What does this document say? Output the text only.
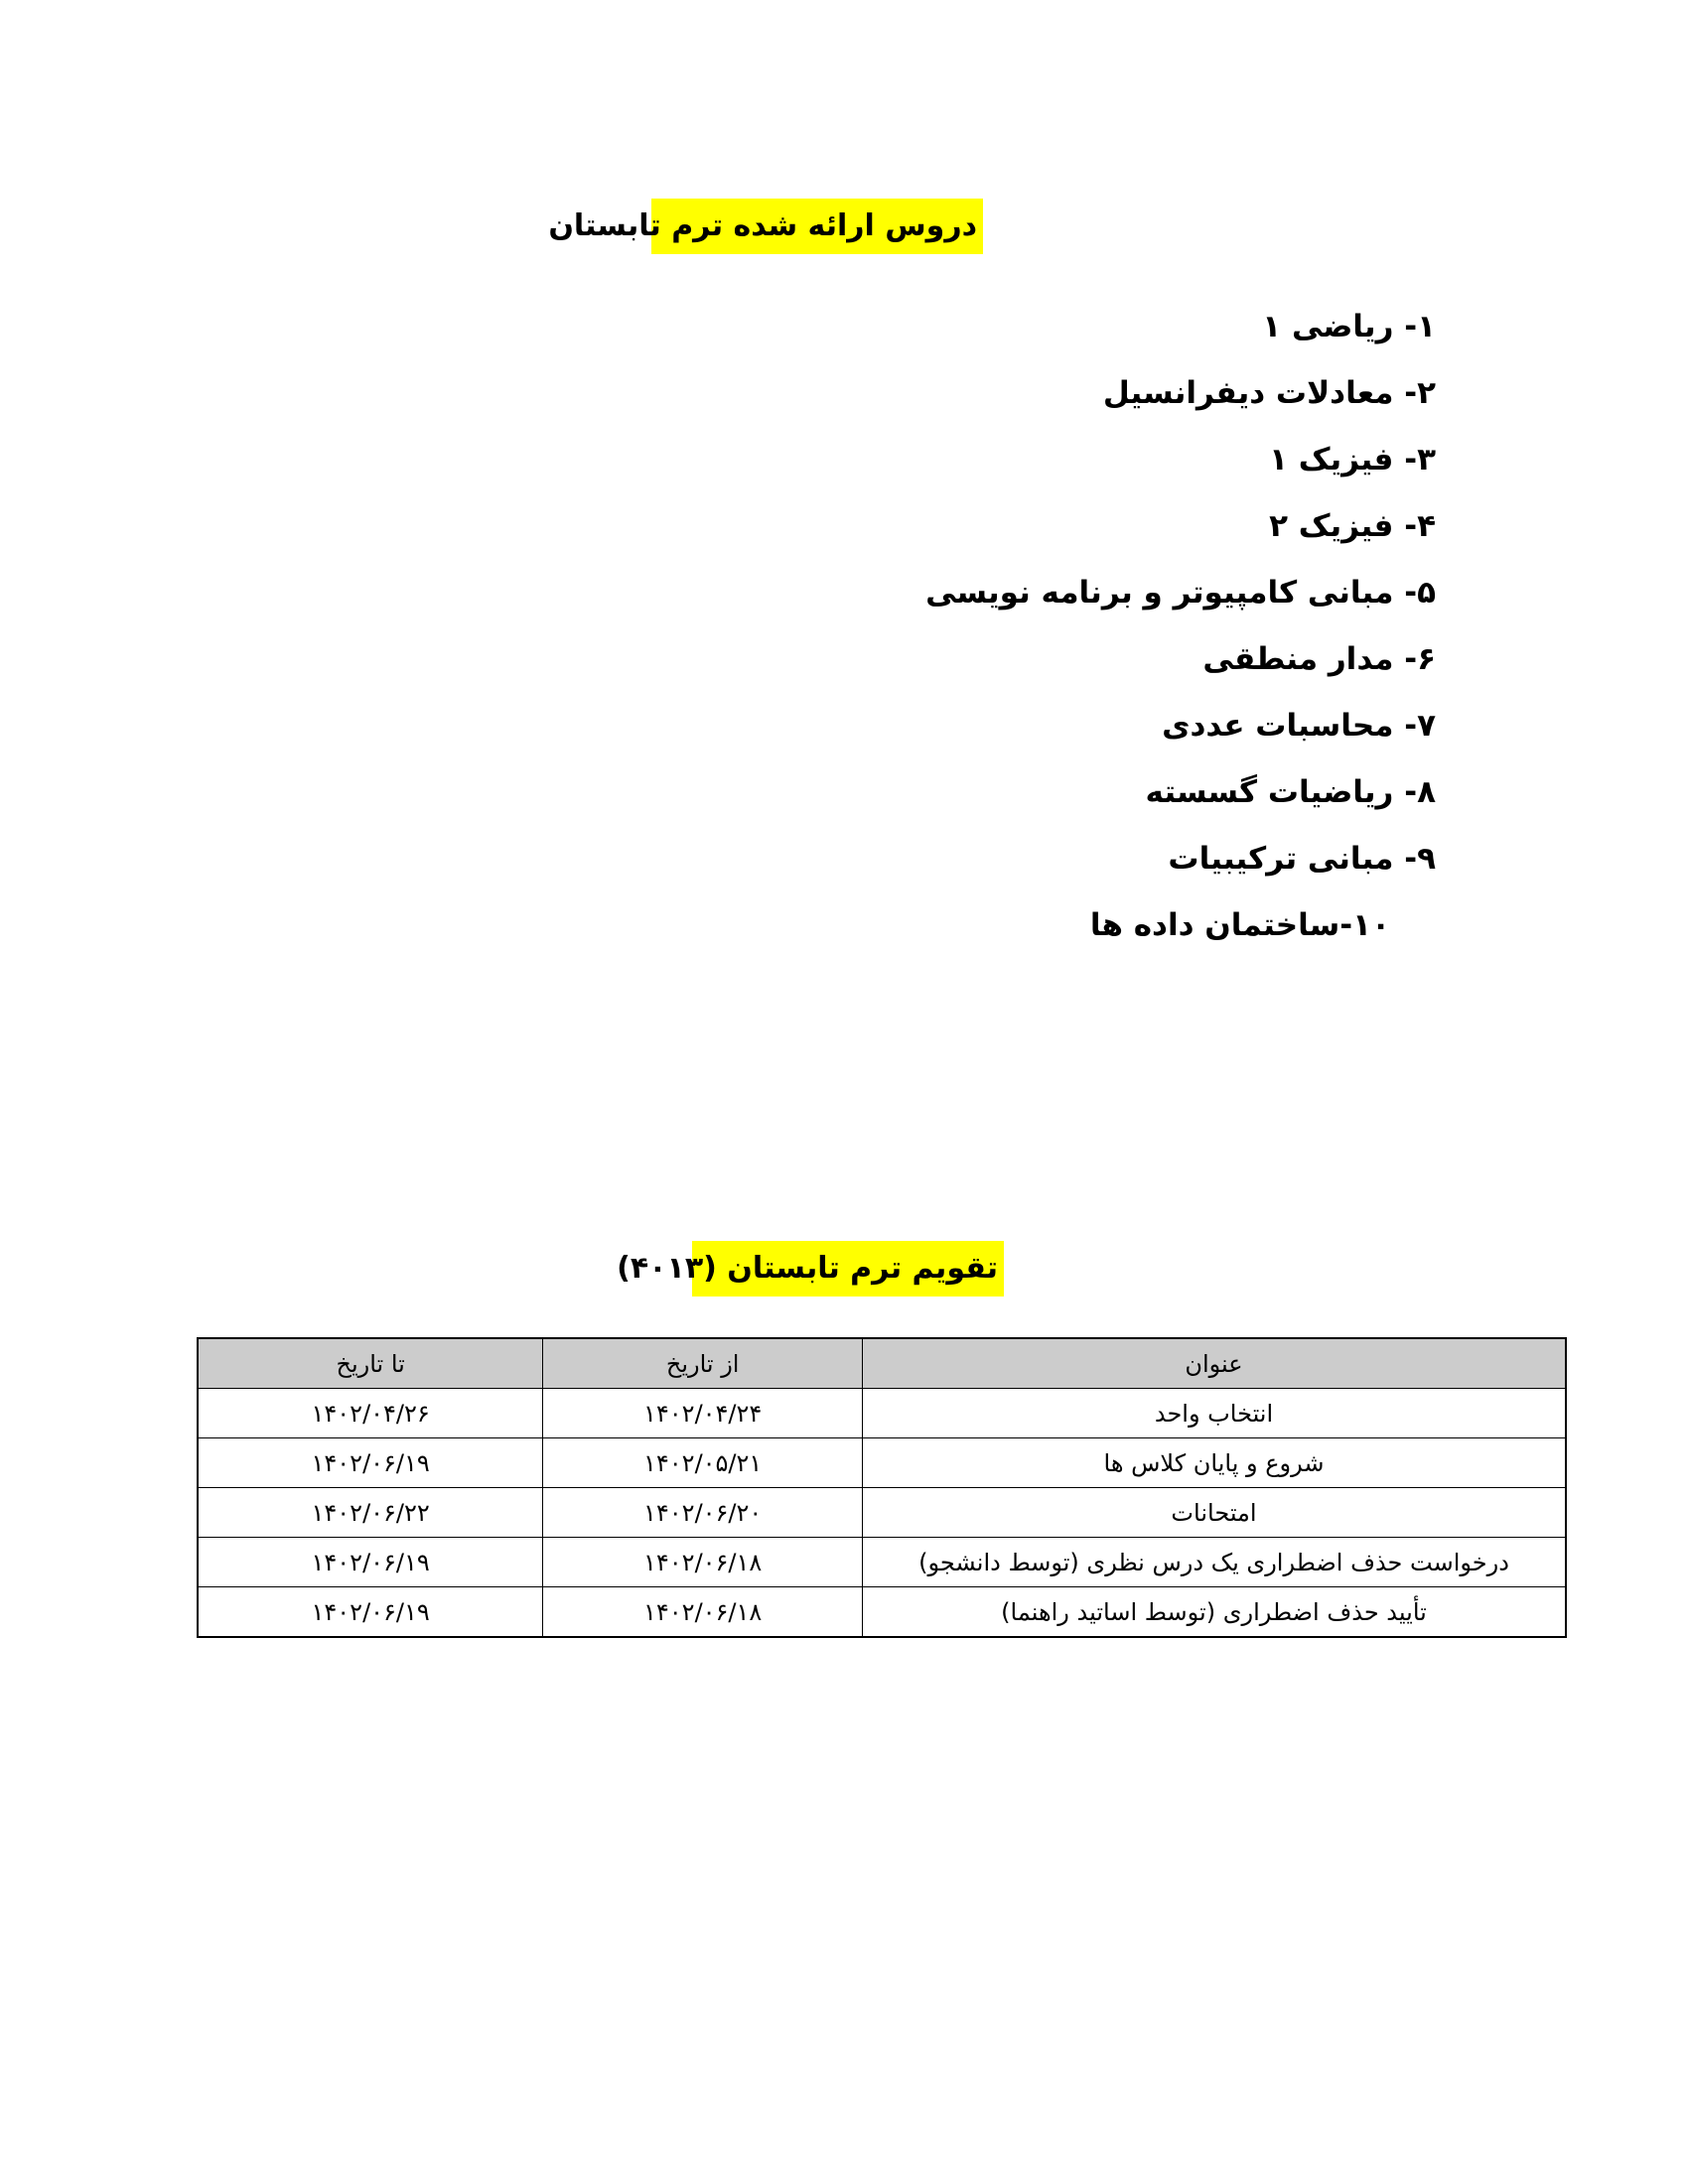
دروس ارائه شده ترم تابستان
۱- ریاضی ۱
۲- معادلات دیفرانسیل
۳- فیزیک ۱
۴- فیزیک ۲
۵- مبانی کامپیوتر و برنامه نویسی
۶- مدار منطقی
۷- محاسبات عددی
۸- ریاضیات گسسته
۹- مبانی ترکیبیات
۱۰-ساختمان داده ها
تقویم ترم تابستان (۴۰۱۳)
عنوان	از تاریخ	تا تاریخ
انتخاب واحد	۱۴۰۲/۰۴/۲۴	۱۴۰۲/۰۴/۲۶
شروع و پایان کلاس ها	۱۴۰۲/۰۵/۲۱	۱۴۰۲/۰۶/۱۹
امتحانات	۱۴۰۲/۰۶/۲۰	۱۴۰۲/۰۶/۲۲
درخواست حذف اضطراری یک درس نظری (توسط دانشجو)	۱۴۰۲/۰۶/۱۸	۱۴۰۲/۰۶/۱۹
تأیید حذف اضطراری (توسط اساتید راهنما)	۱۴۰۲/۰۶/۱۸	۱۴۰۲/۰۶/۱۹
